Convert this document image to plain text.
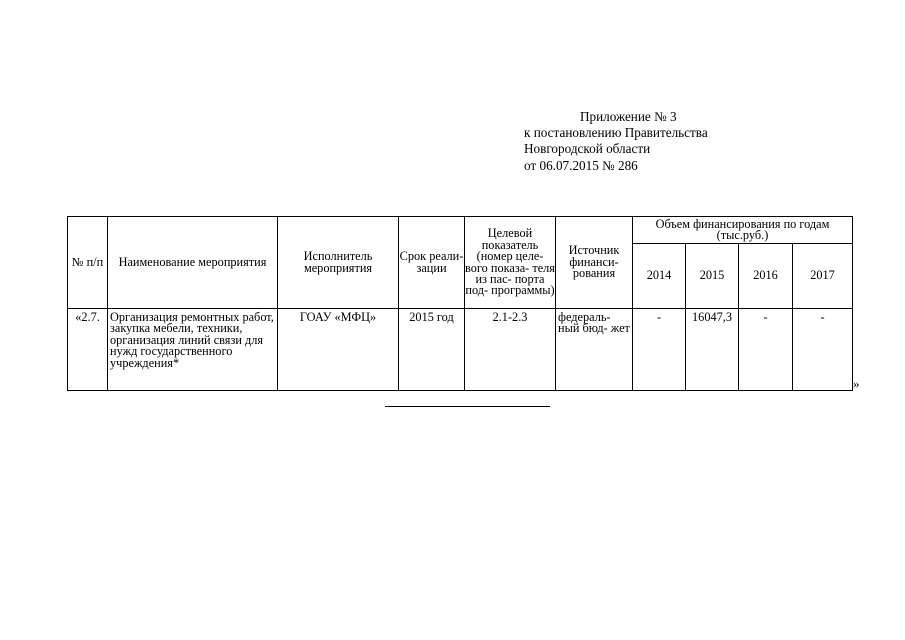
Приложение № 3
к постановлению Правительства
Новгородской области
от 06.07.2015 № 286
№ п/п	Наименование мероприятия	Исполнитель мероприятия	Срок реали- зации	Целевой показатель (номер целе- вого показа- теля из пас- порта под- программы)	Источник финанси- рования	Объем финансирования по годам (тыс.руб.)			
						2014	2015	2016	2017
«2.7.	Организация ремонтных работ, закупка мебели, техники, организация линий связи для нужд государственного учреждения*	ГОАУ «МФЦ»	2015 год	2.1-2.3	федераль- ный бюд- жет	-	16047,3	-	-
»
